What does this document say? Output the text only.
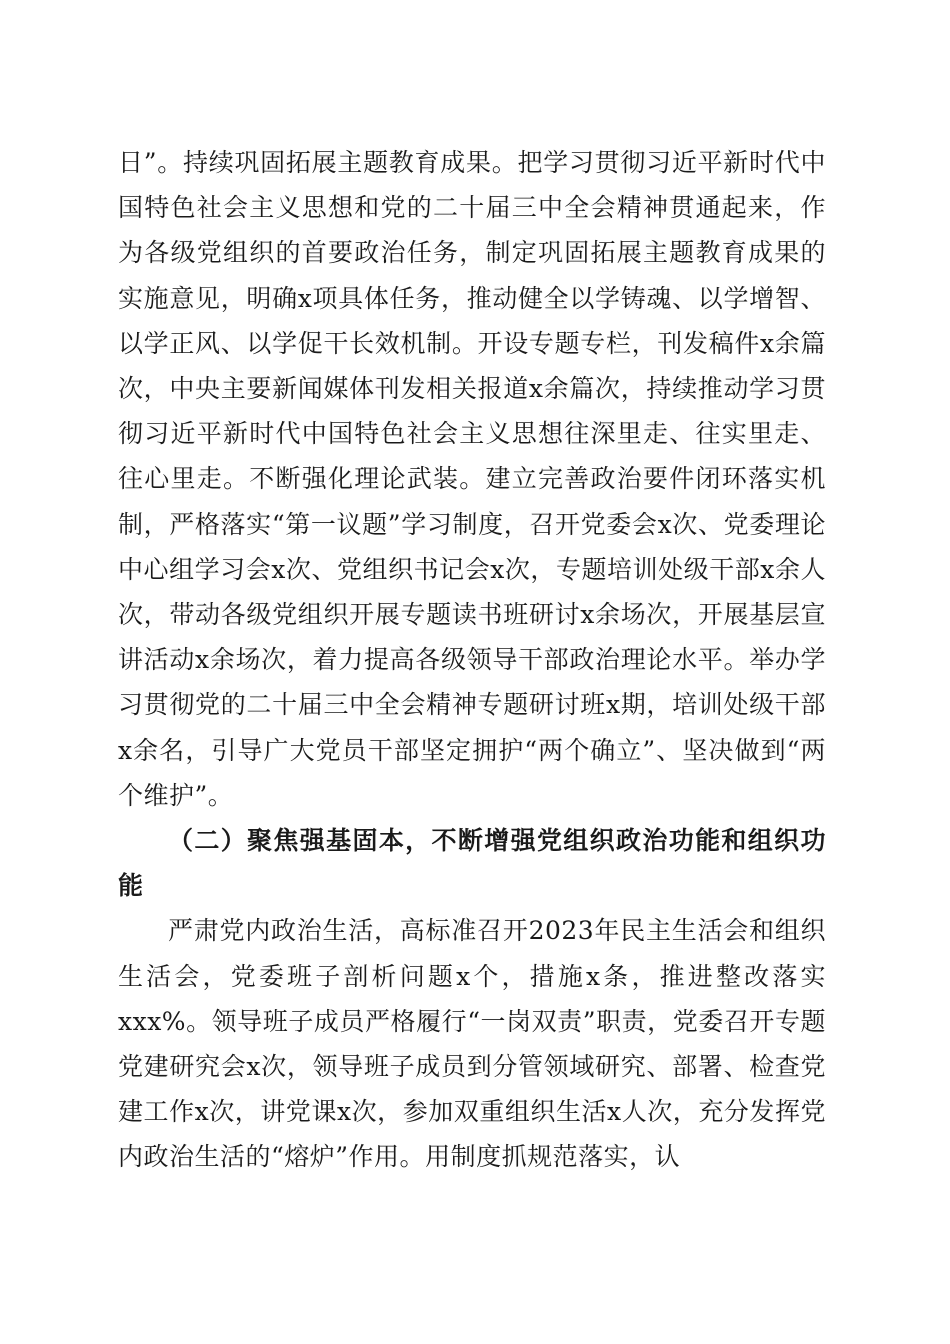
日”。持续巩固拓展主题教育成果。把学习贯彻习近平新时代中国特色社会主义思想和党的二十届三中全会精神贯通起来，作为各级党组织的首要政治任务，制定巩固拓展主题教育成果的实施意见，明确x项具体任务，推动健全以学铸魂、以学增智、以学正风、以学促干长效机制。开设专题专栏，刊发稿件x余篇次，中央主要新闻媒体刊发相关报道x余篇次，持续推动学习贯彻习近平新时代中国特色社会主义思想往深里走、往实里走、往心里走。不断强化理论武装。建立完善政治要件闭环落实机制，严格落实“第一议题”学习制度，召开党委会x次、党委理论中心组学习会x次、党组织书记会x次，专题培训处级干部x余人次，带动各级党组织开展专题读书班研讨x余场次，开展基层宣讲活动x余场次，着力提高各级领导干部政治理论水平。举办学习贯彻党的二十届三中全会精神专题研讨班x期，培训处级干部x余名，引导广大党员干部坚定拥护“两个确立”、坚决做到“两个维护”。

（二）聚焦强基固本，不断增强党组织政治功能和组织功能

严肃党内政治生活，高标准召开2023年民主生活会和组织生活会，党委班子剖析问题x个，措施x条，推进整改落实xxx%。领导班子成员严格履行“一岗双责”职责，党委召开专题党建研究会x次，领导班子成员到分管领域研究、部署、检查党建工作x次，讲党课x次，参加双重组织生活x人次，充分发挥党内政治生活的“熔炉”作用。用制度抓规范落实，认
